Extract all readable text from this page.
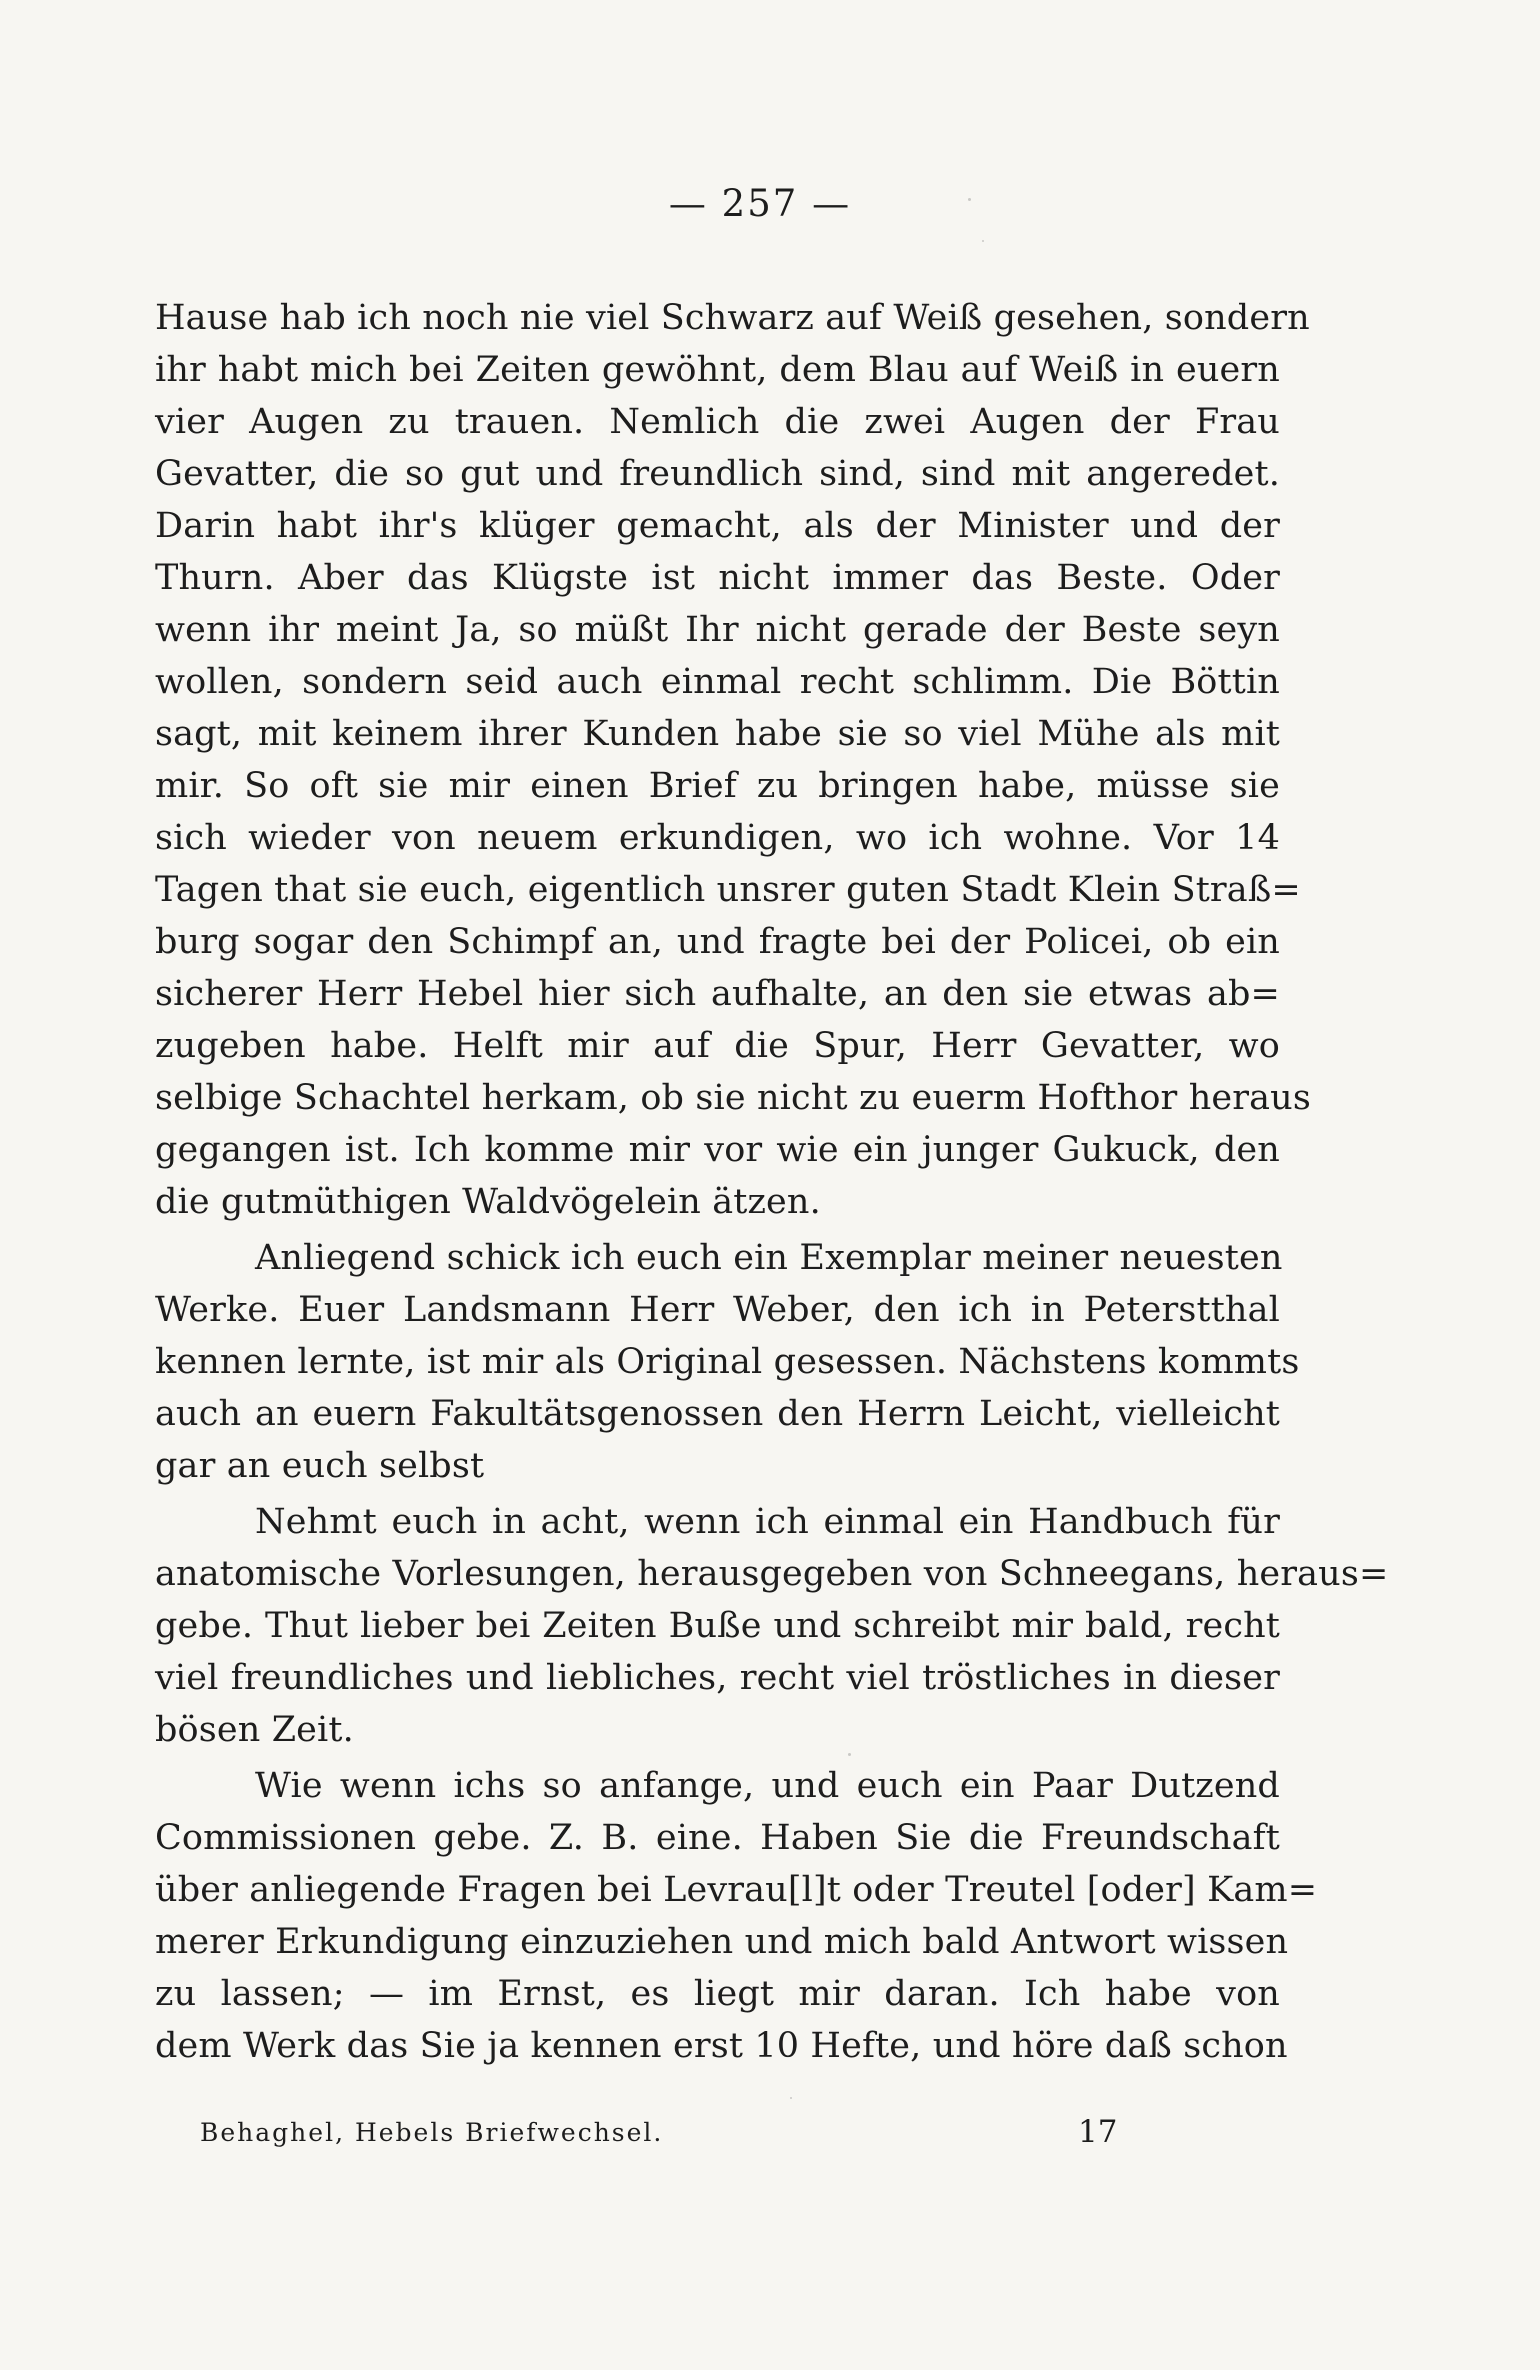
— 257 —
Hause hab ich noch nie viel Schwarz auf Weiß gesehen, sondern
ihr habt mich bei Zeiten gewöhnt, dem Blau auf Weiß in euern
vier Augen zu trauen. Nemlich die zwei Augen der Frau
Gevatter, die so gut und freundlich sind, sind mit angeredet.
Darin habt ihr's klüger gemacht, als der Minister und der
Thurn. Aber das Klügste ist nicht immer das Beste. Oder
wenn ihr meint Ja, so müßt Ihr nicht gerade der Beste seyn
wollen, sondern seid auch einmal recht schlimm. Die Böttin
sagt, mit keinem ihrer Kunden habe sie so viel Mühe als mit
mir. So oft sie mir einen Brief zu bringen habe, müsse sie
sich wieder von neuem erkundigen, wo ich wohne. Vor 14
Tagen that sie euch, eigentlich unsrer guten Stadt Klein Straß=
burg sogar den Schimpf an, und fragte bei der Policei, ob ein
sicherer Herr Hebel hier sich aufhalte, an den sie etwas ab=
zugeben habe. Helft mir auf die Spur, Herr Gevatter, wo
selbige Schachtel herkam, ob sie nicht zu euerm Hofthor heraus
gegangen ist. Ich komme mir vor wie ein junger Gukuck, den
die gutmüthigen Waldvögelein ätzen.
Anliegend schick ich euch ein Exemplar meiner neuesten
Werke. Euer Landsmann Herr Weber, den ich in Peterstthal
kennen lernte, ist mir als Original gesessen. Nächstens kommts
auch an euern Fakultätsgenossen den Herrn Leicht, vielleicht
gar an euch selbst
Nehmt euch in acht, wenn ich einmal ein Handbuch für
anatomische Vorlesungen, herausgegeben von Schneegans, heraus=
gebe. Thut lieber bei Zeiten Buße und schreibt mir bald, recht
viel freundliches und liebliches, recht viel tröstliches in dieser
bösen Zeit.
Wie wenn ichs so anfange, und euch ein Paar Dutzend
Commissionen gebe. Z. B. eine. Haben Sie die Freundschaft
über anliegende Fragen bei Levrau[l]t oder Treutel [oder] Kam=
merer Erkundigung einzuziehen und mich bald Antwort wissen
zu lassen; — im Ernst, es liegt mir daran. Ich habe von
dem Werk das Sie ja kennen erst 10 Hefte, und höre daß schon
Behaghel, Hebels Briefwechsel.	17
